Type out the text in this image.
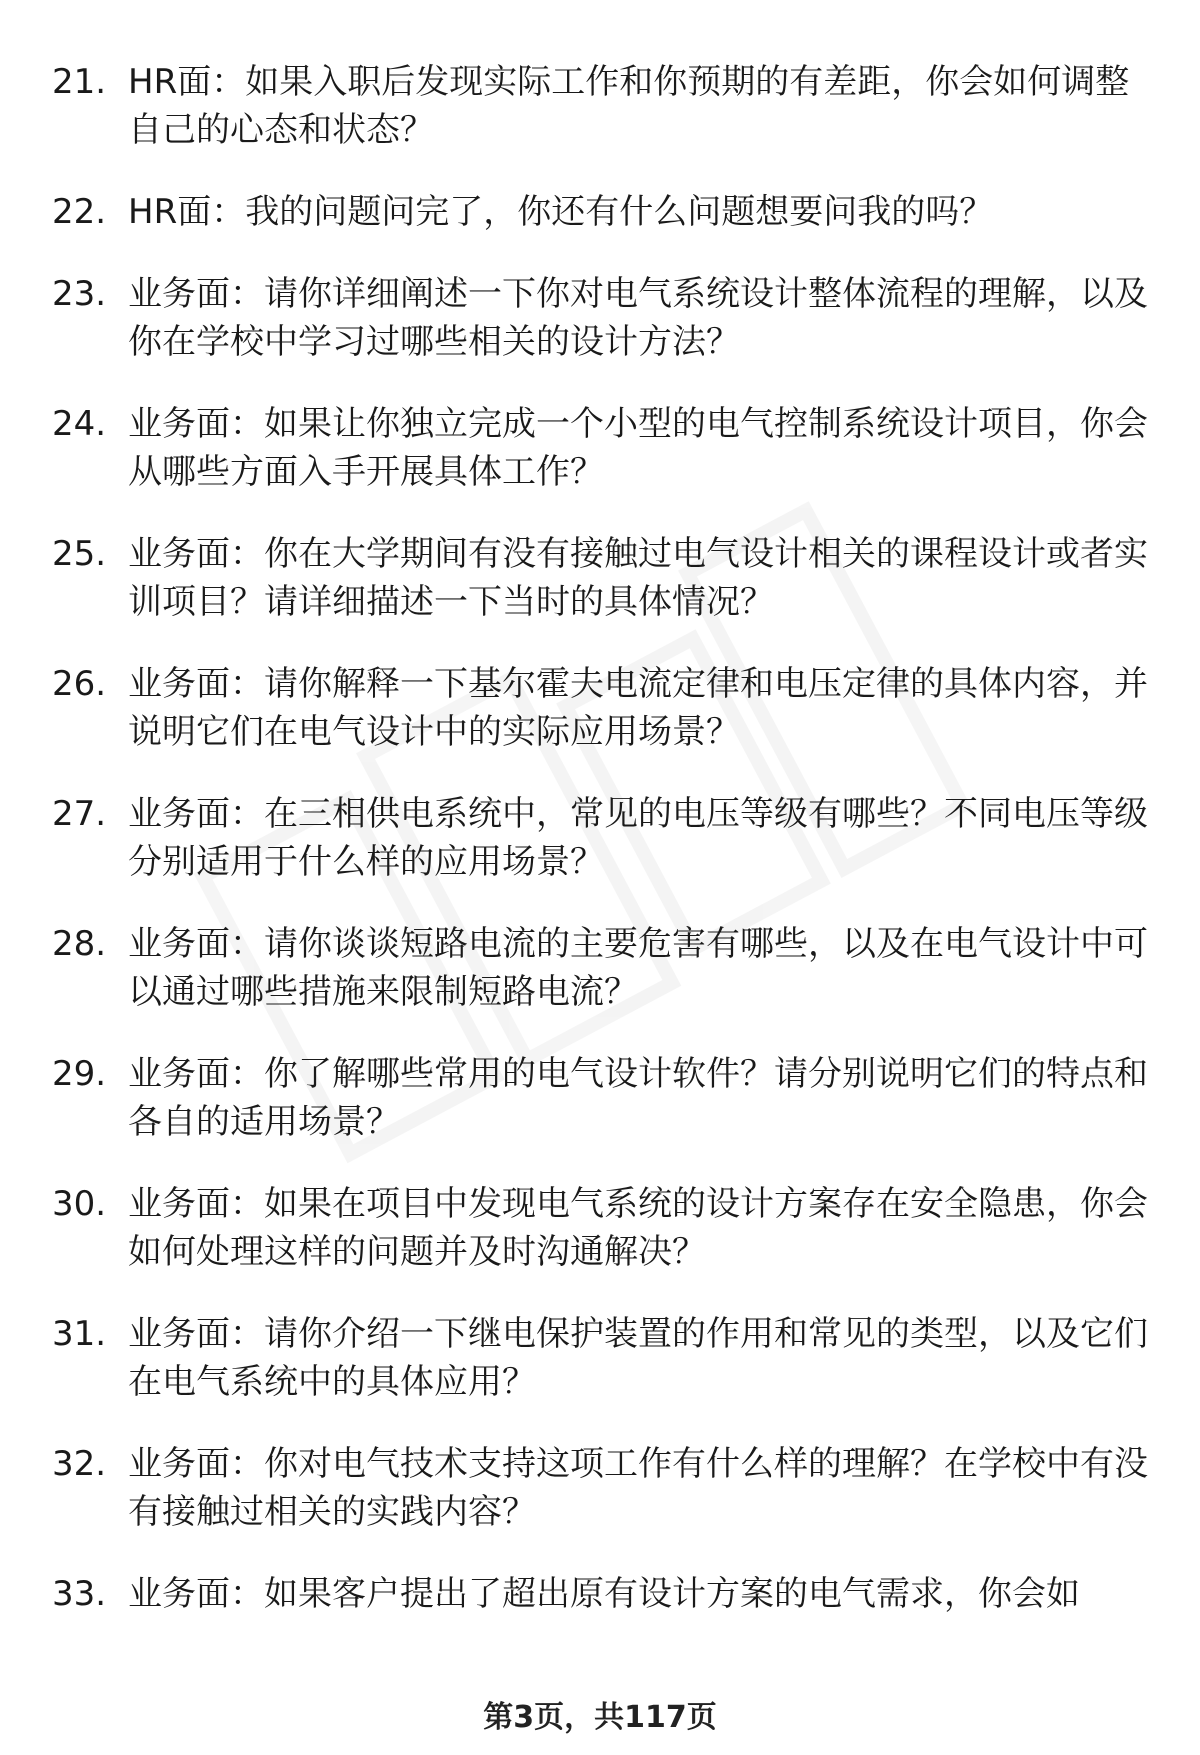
21. HR面：如果入职后发现实际工作和你预期的有差距，你会如何调整自己的心态和状态？
22. HR面：我的问题问完了，你还有什么问题想要问我的吗？
23. 业务面：请你详细阐述一下你对电气系统设计整体流程的理解，以及你在学校中学习过哪些相关的设计方法？
24. 业务面：如果让你独立完成一个小型的电气控制系统设计项目，你会从哪些方面入手开展具体工作？
25. 业务面：你在大学期间有没有接触过电气设计相关的课程设计或者实训项目？请详细描述一下当时的具体情况？
26. 业务面：请你解释一下基尔霍夫电流定律和电压定律的具体内容，并说明它们在电气设计中的实际应用场景？
27. 业务面：在三相供电系统中，常见的电压等级有哪些？不同电压等级分别适用于什么样的应用场景？
28. 业务面：请你谈谈短路电流的主要危害有哪些，以及在电气设计中可以通过哪些措施来限制短路电流？
29. 业务面：你了解哪些常用的电气设计软件？请分别说明它们的特点和各自的适用场景？
30. 业务面：如果在项目中发现电气系统的设计方案存在安全隐患，你会如何处理这样的问题并及时沟通解决？
31. 业务面：请你介绍一下继电保护装置的作用和常见的类型，以及它们在电气系统中的具体应用？
32. 业务面：你对电气技术支持这项工作有什么样的理解？在学校中有没有接触过相关的实践内容？
33. 业务面：如果客户提出了超出原有设计方案的电气需求，你会如
第3页，共117页
